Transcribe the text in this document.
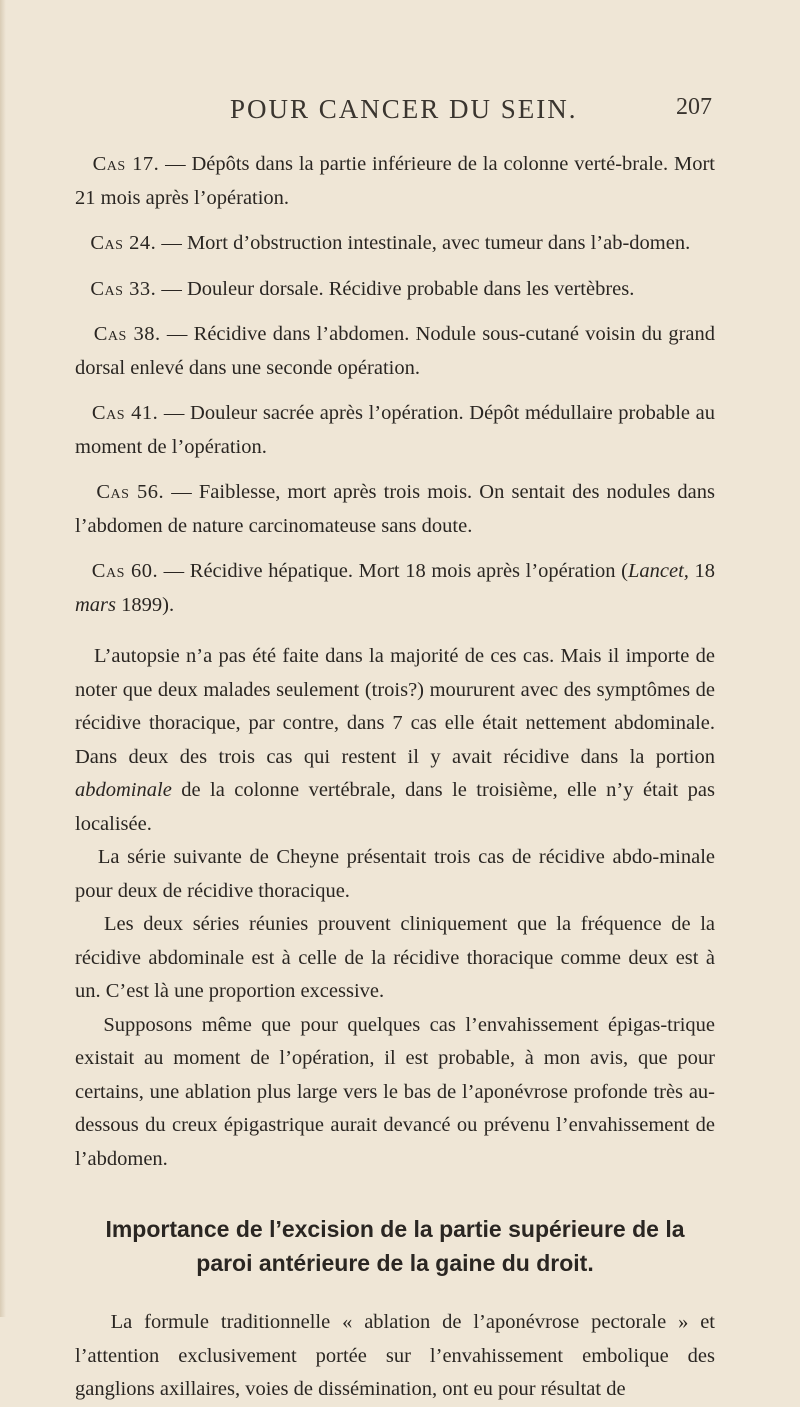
POUR CANCER DU SEIN.	207

Cas 17. — Dépôts dans la partie inférieure de la colonne verté-brale. Mort 21 mois après l’opération.

Cas 24. — Mort d’obstruction intestinale, avec tumeur dans l’ab-domen.

Cas 33. — Douleur dorsale. Récidive probable dans les vertèbres.

Cas 38. — Récidive dans l’abdomen. Nodule sous-cutané voisin du grand dorsal enlevé dans une seconde opération.

Cas 41. — Douleur sacrée après l’opération. Dépôt médullaire probable au moment de l’opération.

Cas 56. — Faiblesse, mort après trois mois. On sentait des nodules dans l’abdomen de nature carcinomateuse sans doute.

Cas 60. — Récidive hépatique. Mort 18 mois après l’opération (Lancet, 18 mars 1899).

L’autopsie n’a pas été faite dans la majorité de ces cas. Mais il importe de noter que deux malades seulement (trois?) moururent avec des symptômes de récidive thoracique, par contre, dans 7 cas elle était nettement abdominale. Dans deux des trois cas qui restent il y avait récidive dans la portion abdominale de la colonne vertébrale, dans le troisième, elle n’y était pas localisée.

La série suivante de Cheyne présentait trois cas de récidive abdo-minale pour deux de récidive thoracique.

Les deux séries réunies prouvent cliniquement que la fréquence de la récidive abdominale est à celle de la récidive thoracique comme deux est à un. C’est là une proportion excessive.

Supposons même que pour quelques cas l’envahissement épigas-trique existait au moment de l’opération, il est probable, à mon avis, que pour certains, une ablation plus large vers le bas de l’aponévrose profonde très au-dessous du creux épigastrique aurait devancé ou prévenu l’envahissement de l’abdomen.

Importance de l’excision de la partie supérieure de la paroi antérieure de la gaine du droit.

La formule traditionnelle « ablation de l’aponévrose pectorale » et l’attention exclusivement portée sur l’envahissement embolique des ganglions axillaires, voies de dissémination, ont eu pour résultat de
